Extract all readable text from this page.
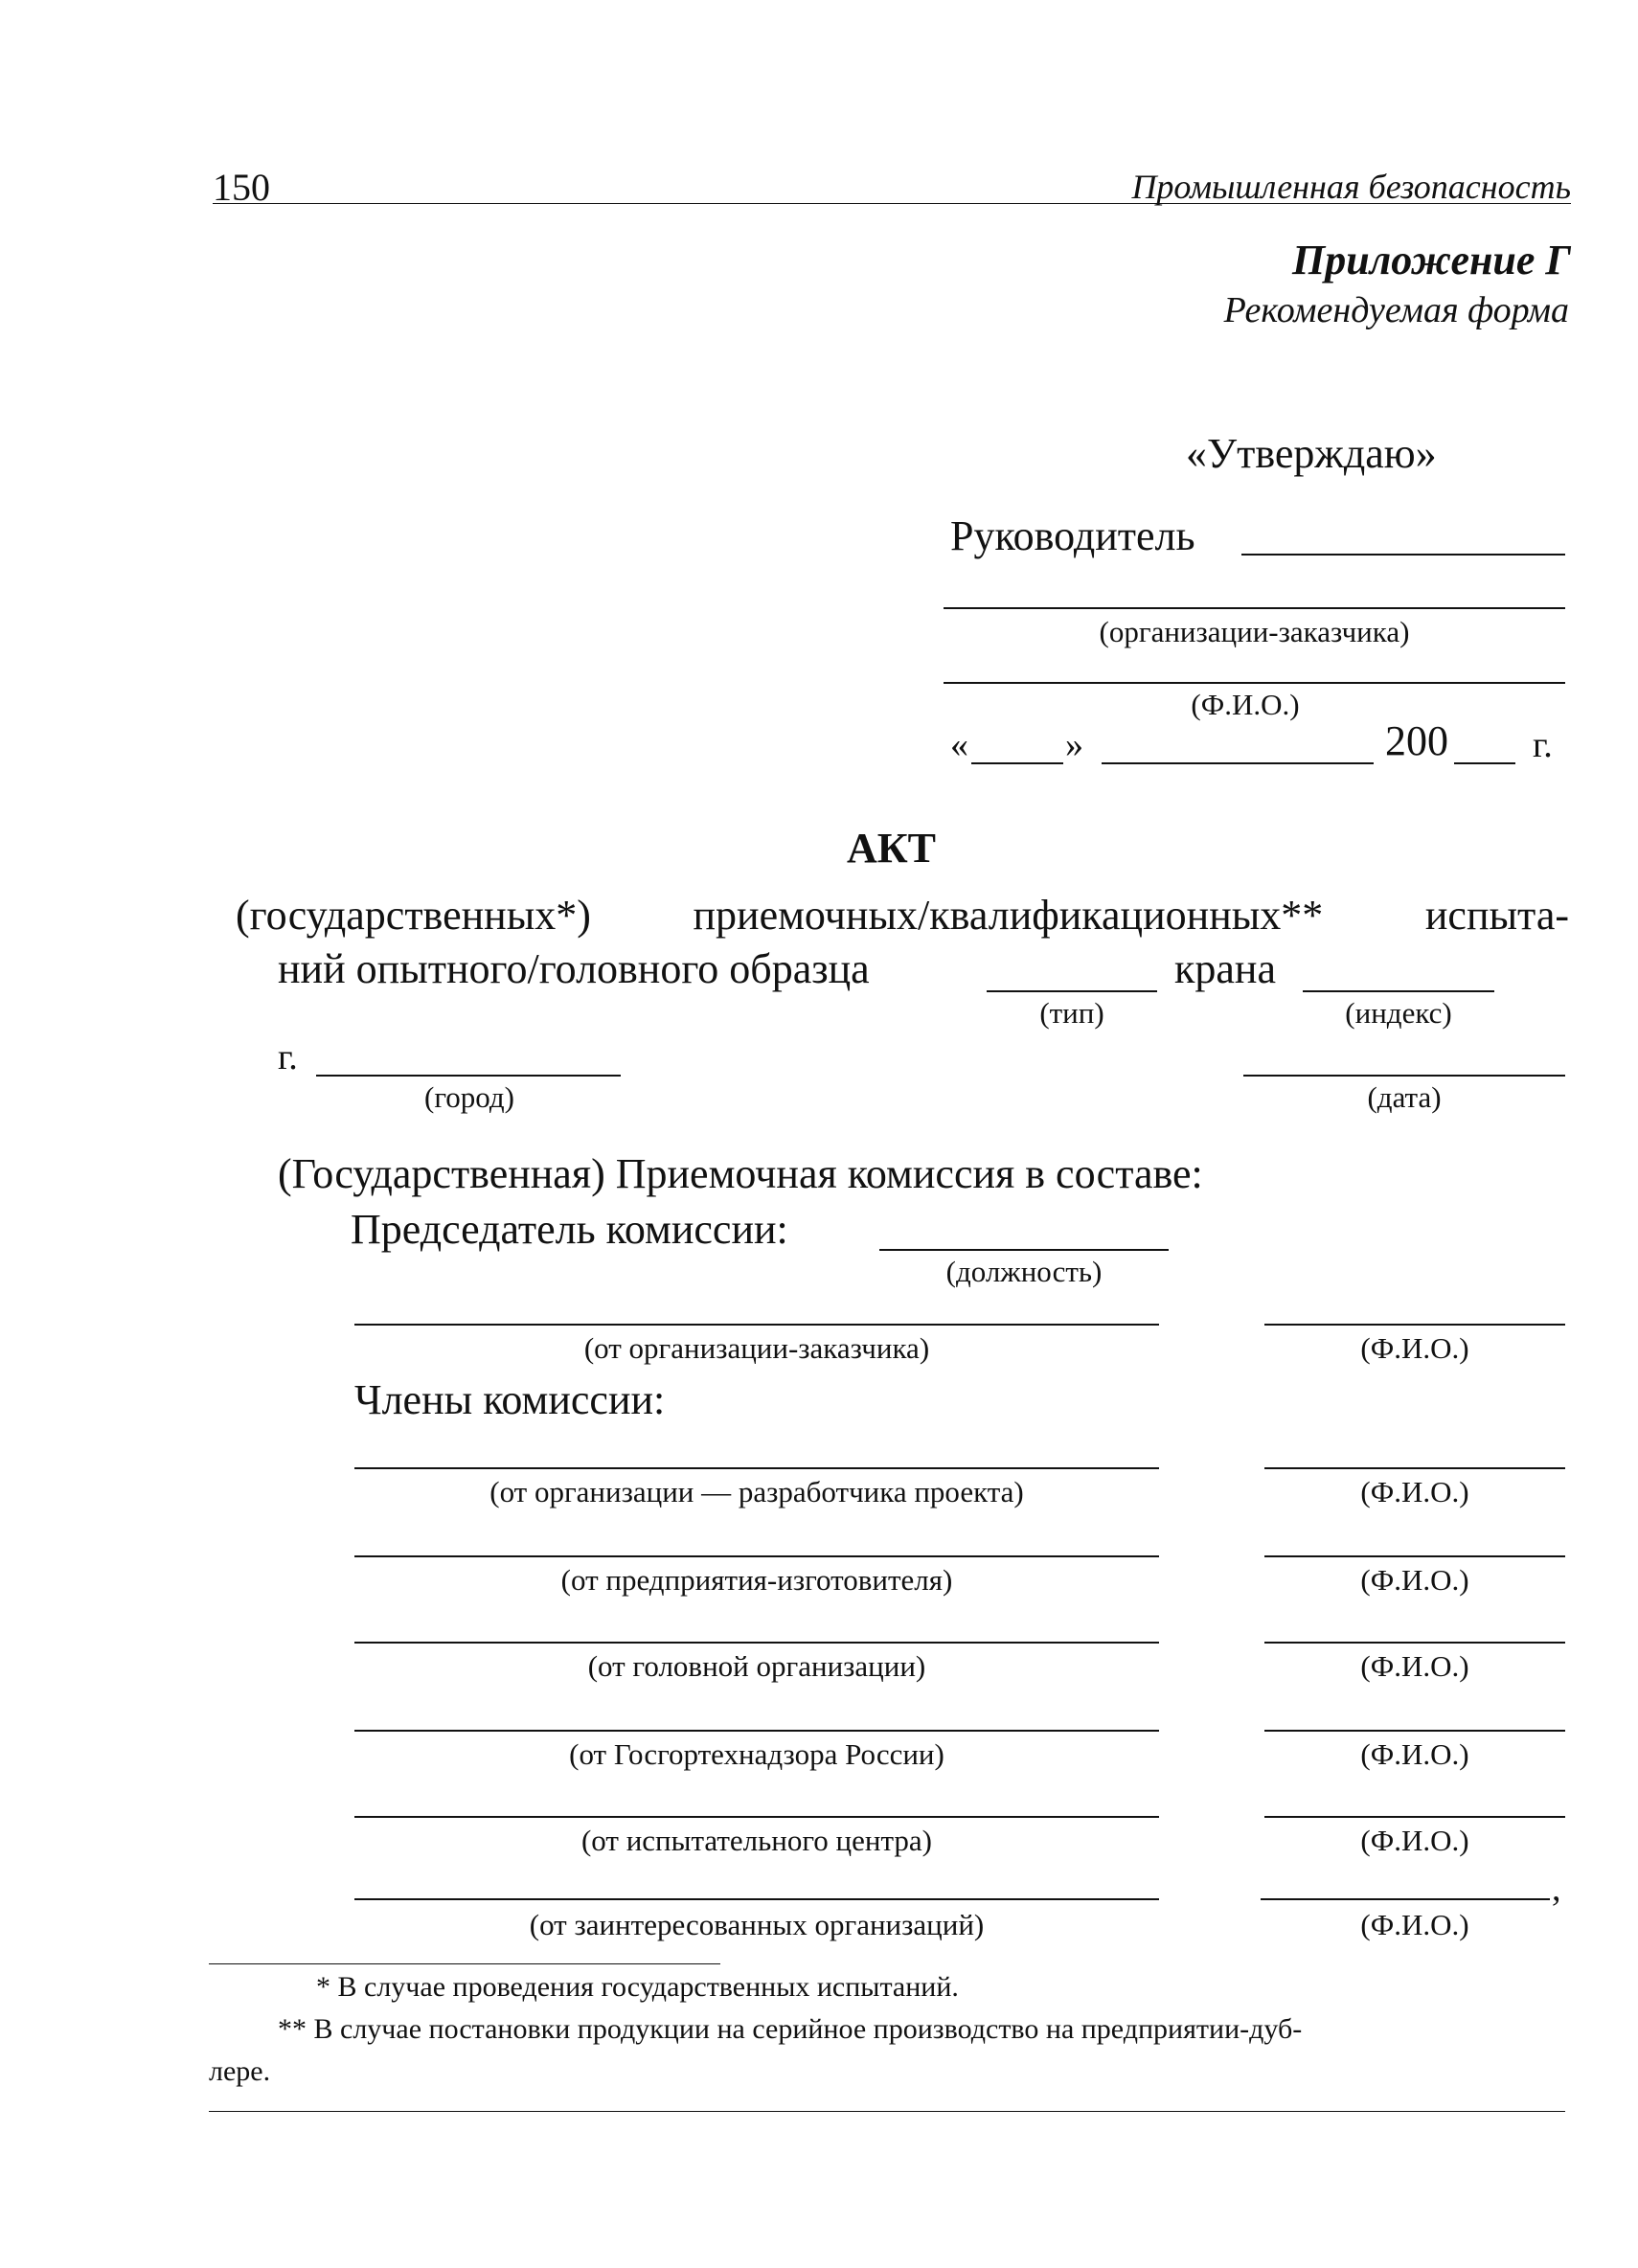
150	Промышленная безопасность
Приложение Г
Рекомендуемая форма
«Утверждаю»
Руководитель
(организации-заказчика)
(Ф.И.О.)
«	»	200 г.
АКТ
(государственных*) приемочных/квалификационных** испыта-
ний опытного/головного образца	крана
(тип)	(индекс)
г.
(город)	(дата)
(Государственная) Приемочная комиссия в составе:
Председатель комиссии:
(должность)
(от организации-заказчика)	(Ф.И.О.)
Члены комиссии:
(от организации — разработчика проекта)	(Ф.И.О.)
(от предприятия-изготовителя)	(Ф.И.О.)
(от головной организации)	(Ф.И.О.)
(от Госгортехнадзора России)	(Ф.И.О.)
(от испытательного центра)	(Ф.И.О.)
,
(от заинтересованных организаций)	(Ф.И.О.)
* В случае проведения государственных испытаний.
** В случае постановки продукции на серийное производство на предприятии-дуб-
лере.
